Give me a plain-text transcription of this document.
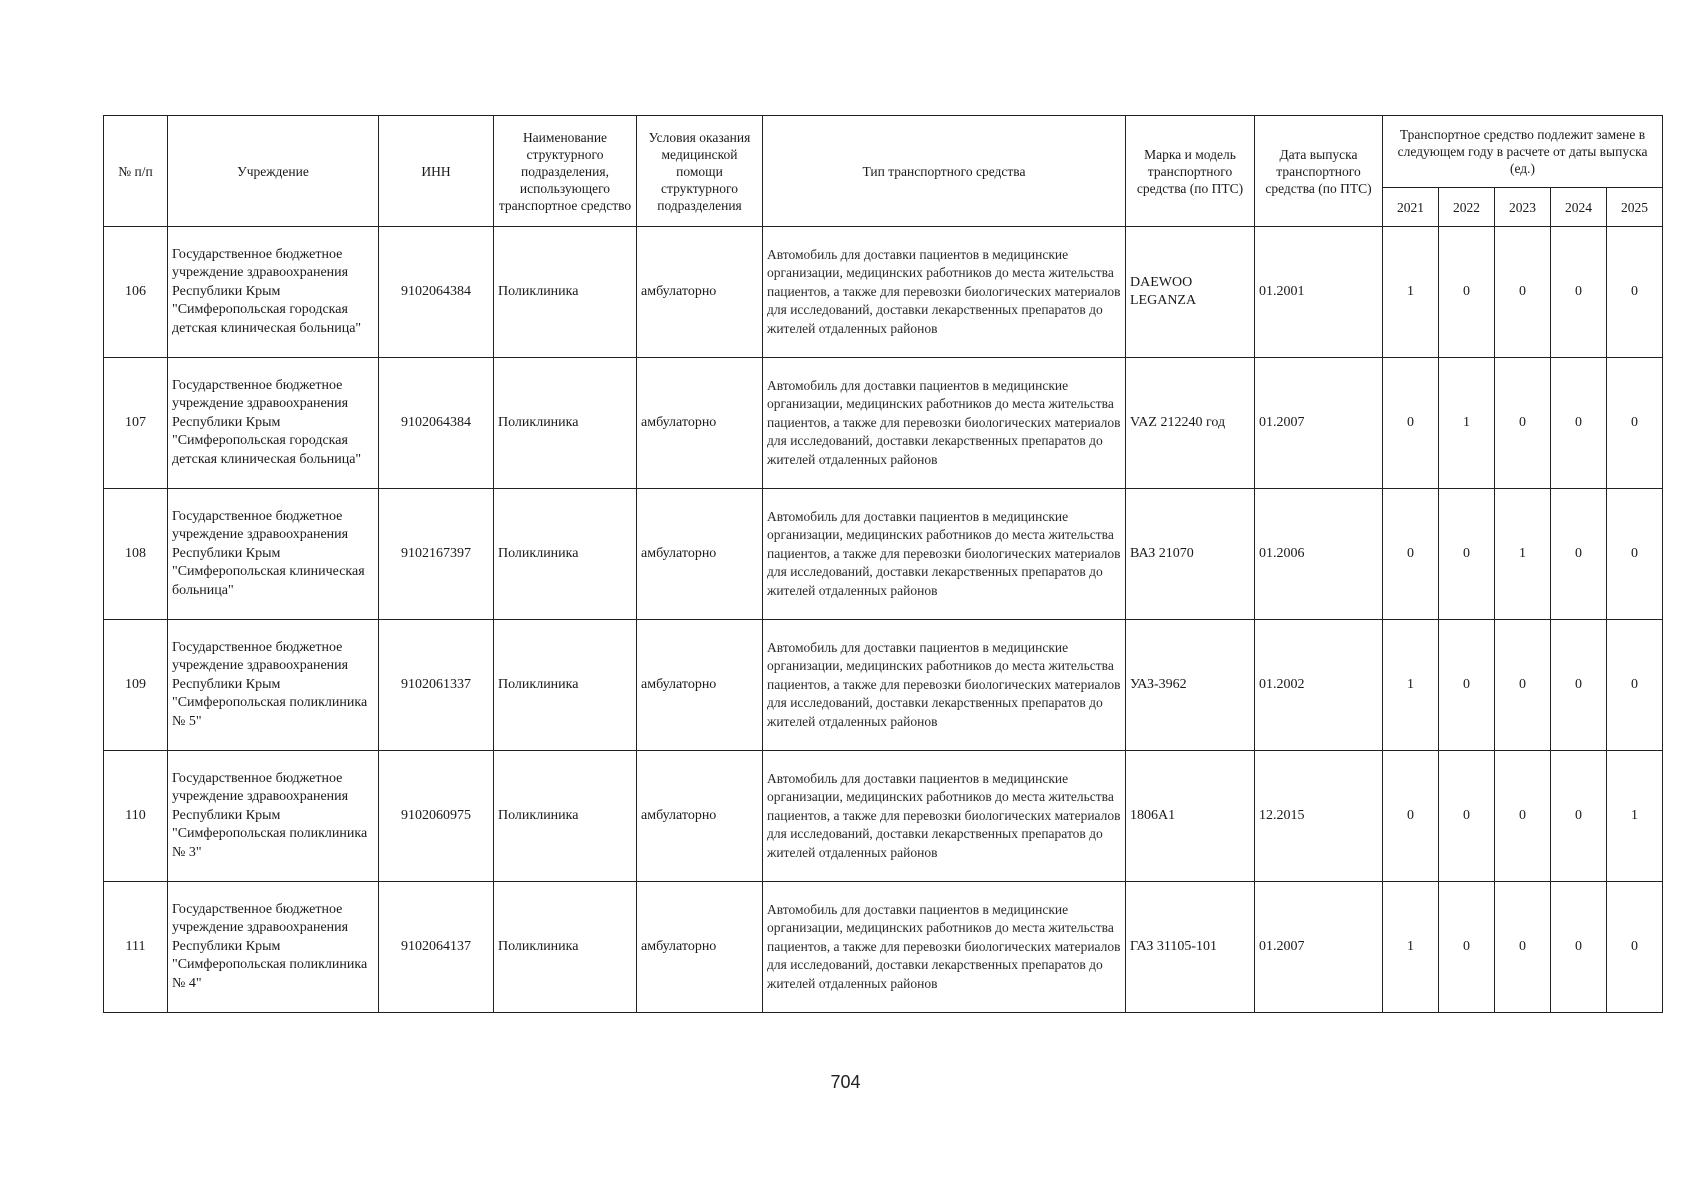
№ п/п	Учреждение	ИНН	Наименование структурного подразделения, использующего транспортное средство	Условия оказания медицинской помощи структурного подразделения	Тип транспортного средства	Марка и модель транспортного средства (по ПТС)	Дата выпуска транспортного средства (по ПТС)	Транспортное средство подлежит замене в следующем году в расчете от даты выпуска (ед.)				
								2021	2022	2023	2024	2025
106	Государственное бюджетное учреждение здравоохранения Республики Крым "Симферопольская городская детская клиническая больница"	9102064384	Поликлиника	амбулаторно	Автомобиль для доставки пациентов в медицинские организации, медицинских работников до места жительства пациентов, а также для перевозки биологических материалов для исследований, доставки лекарственных препаратов до жителей отдаленных районов	DAEWOO LEGANZA	01.2001	1	0	0	0	0
107	Государственное бюджетное учреждение здравоохранения Республики Крым "Симферопольская городская детская клиническая больница"	9102064384	Поликлиника	амбулаторно	Автомобиль для доставки пациентов в медицинские организации, медицинских работников до места жительства пациентов, а также для перевозки биологических материалов для исследований, доставки лекарственных препаратов до жителей отдаленных районов	VAZ 212240 год	01.2007	0	1	0	0	0
108	Государственное бюджетное учреждение здравоохранения Республики Крым "Симферопольская клиническая больница"	9102167397	Поликлиника	амбулаторно	Автомобиль для доставки пациентов в медицинские организации, медицинских работников до места жительства пациентов, а также для перевозки биологических материалов для исследований, доставки лекарственных препаратов до жителей отдаленных районов	ВАЗ 21070	01.2006	0	0	1	0	0
109	Государственное бюджетное учреждение здравоохранения Республики Крым "Симферопольская поликлиника № 5"	9102061337	Поликлиника	амбулаторно	Автомобиль для доставки пациентов в медицинские организации, медицинских работников до места жительства пациентов, а также для перевозки биологических материалов для исследований, доставки лекарственных препаратов до жителей отдаленных районов	УАЗ-3962	01.2002	1	0	0	0	0
110	Государственное бюджетное учреждение здравоохранения Республики Крым "Симферопольская поликлиника № 3"	9102060975	Поликлиника	амбулаторно	Автомобиль для доставки пациентов в медицинские организации, медицинских работников до места жительства пациентов, а также для перевозки биологических материалов для исследований, доставки лекарственных препаратов до жителей отдаленных районов	1806А1	12.2015	0	0	0	0	1
111	Государственное бюджетное учреждение здравоохранения Республики Крым "Симферопольская поликлиника № 4"	9102064137	Поликлиника	амбулаторно	Автомобиль для доставки пациентов в медицинские организации, медицинских работников до места жительства пациентов, а также для перевозки биологических материалов для исследований, доставки лекарственных препаратов до жителей отдаленных районов	ГАЗ 31105-101	01.2007	1	0	0	0	0
704
